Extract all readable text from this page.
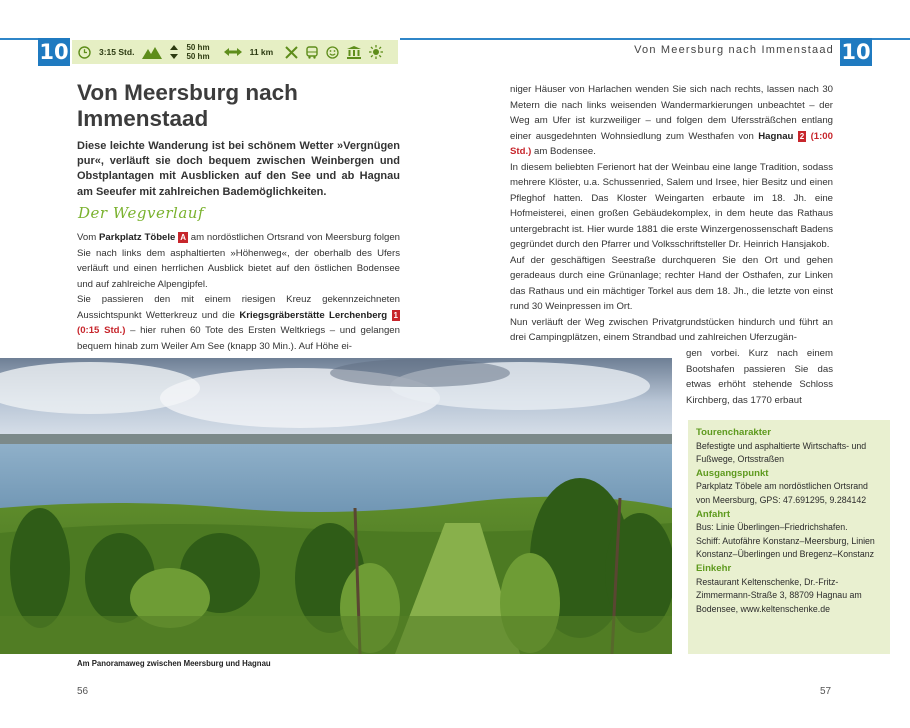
10	10
3:15 Std.	50 hm
50 hm	11 km	Von Meersburg nach Immenstaad
Von Meersburg nach Immenstaad

Diese leichte Wanderung ist bei schönem Wetter »Vergnügen pur«, verläuft sie doch bequem zwischen Weinbergen und Obstplantagen mit Ausblicken auf den See und ab Hagnau am Seeufer mit zahlreichen Bademöglichkeiten.

Der Wegverlauf

Vom Parkplatz Töbele A am nordöstlichen Ortsrand von Meersburg folgen Sie nach links dem asphaltierten »Höhenweg«, der oberhalb des Ufers verläuft und einen herrlichen Ausblick bietet auf den östlichen Bodensee und auf zahlreiche Alpengipfel.

Sie passieren den mit einem riesigen Kreuz gekennzeichneten Aussichtspunkt Wetterkreuz und die Kriegsgräberstätte Lerchenberg 1 (0:15 Std.) – hier ruhen 60 Tote des Ersten Weltkriegs – und gelangen bequem hinab zum Weiler Am See (knapp 30 Min.). Auf Höhe ei-

niger Häuser von Harlachen wenden Sie sich nach rechts, lassen nach 30 Metern die nach links weisenden Wandermarkierungen unbeachtet – der Weg am Ufer ist kurzweiliger – und folgen dem Uferssträßchen entlang einer ausgedehnten Wohnsiedlung zum Westhafen von Hagnau 2 (1:00 Std.) am Bodensee.

In diesem beliebten Ferienort hat der Weinbau eine lange Tradition, sodass mehrere Klöster, u.a. Schussenried, Salem und Irsee, hier Besitz und einen Pfleghof hatten. Das Kloster Weingarten erbaute im 18. Jh. eine Hofmeisterei, einen großen Gebäudekomplex, in dem heute das Rathaus untergebracht ist. Hier wurde 1881 die erste Winzergenossenschaft Badens gegründet durch den Pfarrer und Volksschriftsteller Dr. Heinrich Hansjakob.

Auf der geschäftigen Seestraße durchqueren Sie den Ort und gehen geradeaus durch eine Grünanlage; rechter Hand der Osthafen, zur Linken das Rathaus und ein mächtiger Torkel aus dem 18. Jh., die letzte von einst rund 30 Weinpressen im Ort.

Nun verläuft der Weg zwischen Privatgrundstücken hindurch und führt an drei Campingplätzen, einem Strandbad und zahlreichen Uferzugän-

gen vorbei. Kurz nach einem Bootshafen passieren Sie das etwas erhöht stehende Schloss Kirchberg, das 1770 erbaut

Am Panoramaweg zwischen Meersburg und Hagnau

Tourencharakter

Befestigte und asphaltierte Wirtschafts- und Fußwege, Ortsstraßen

Ausgangspunkt

Parkplatz Töbele am nordöstlichen Ortsrand von Meersburg, GPS: 47.691295, 9.284142

Anfahrt

Bus: Linie Überlingen–Friedrichshafen.

Schiff: Autofähre Konstanz–Meersburg, Linien Konstanz–Überlingen und Bregenz–Konstanz

Einkehr

Restaurant Keltenschenke, Dr.-Fritz-Zimmermann-Straße 3, 88709 Hagnau am Bodensee, www.keltenschenke.de

56	57
